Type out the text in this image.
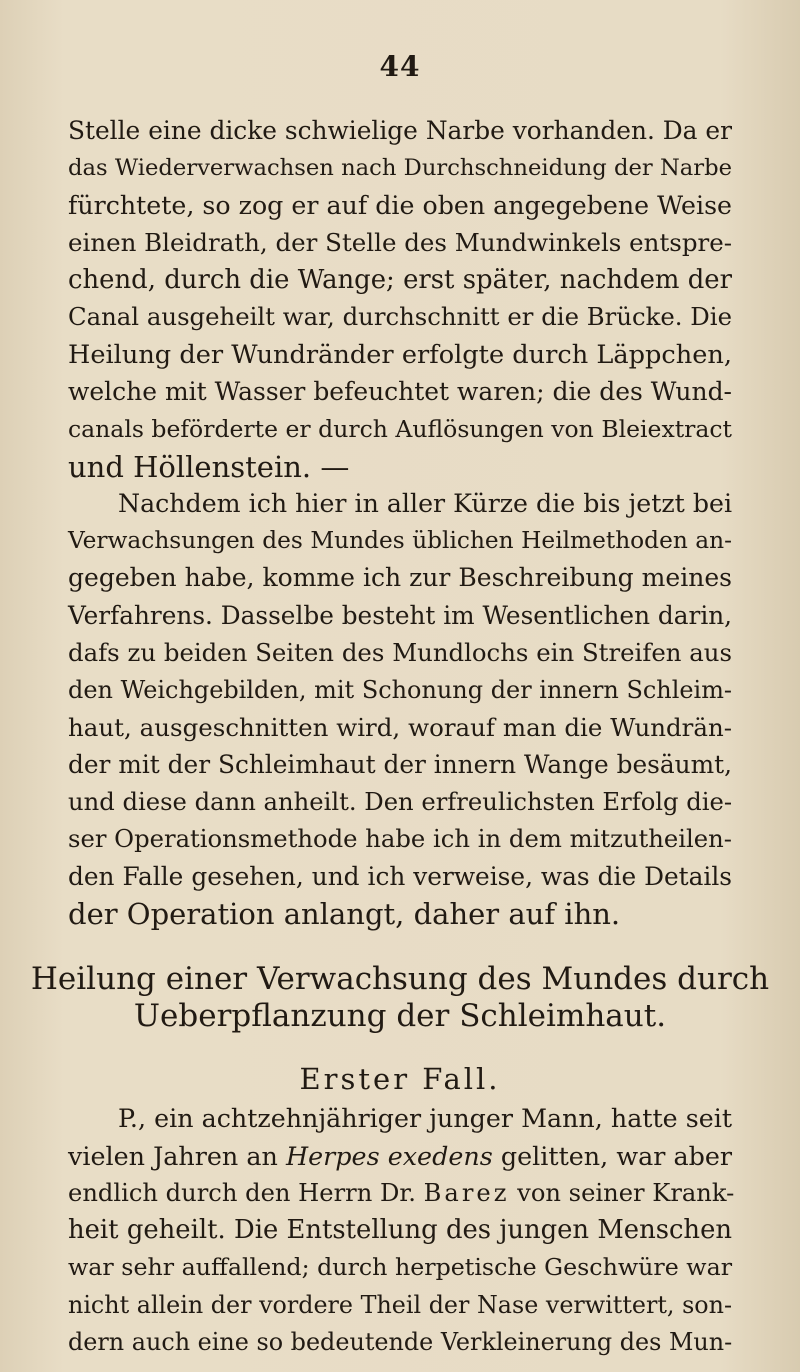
44
Stelle eine dicke schwielige Narbe vorhanden. Da er
das Wiederverwachsen nach Durchschneidung der Narbe
fürchtete, so zog er auf die oben angegebene Weise
einen Bleidrath, der Stelle des Mundwinkels entspre-
chend, durch die Wange; erst später, nachdem der
Canal ausgeheilt war, durchschnitt er die Brücke. Die
Heilung der Wundränder erfolgte durch Läppchen,
welche mit Wasser befeuchtet waren; die des Wund-
canals beförderte er durch Auflösungen von Bleiextract
und Höllenstein. —
Nachdem ich hier in aller Kürze die bis jetzt bei
Verwachsungen des Mundes üblichen Heilmethoden an-
gegeben habe, komme ich zur Beschreibung meines
Verfahrens. Dasselbe besteht im Wesentlichen darin,
dafs zu beiden Seiten des Mundlochs ein Streifen aus
den Weichgebilden, mit Schonung der innern Schleim-
haut, ausgeschnitten wird, worauf man die Wundrän-
der mit der Schleimhaut der innern Wange besäumt,
und diese dann anheilt. Den erfreulichsten Erfolg die-
ser Operationsmethode habe ich in dem mitzutheilen-
den Falle gesehen, und ich verweise, was die Details
der Operation anlangt, daher auf ihn.
Heilung einer Verwachsung des Mundes durch
Ueberpflanzung der Schleimhaut.
Erster Fall.
P., ein achtzehnjähriger junger Mann, hatte seit
vielen Jahren an Herpes exedens gelitten, war aber
endlich durch den Herrn Dr. Barez von seiner Krank-
heit geheilt. Die Entstellung des jungen Menschen
war sehr auffallend; durch herpetische Geschwüre war
nicht allein der vordere Theil der Nase verwittert, son-
dern auch eine so bedeutende Verkleinerung des Mun-
